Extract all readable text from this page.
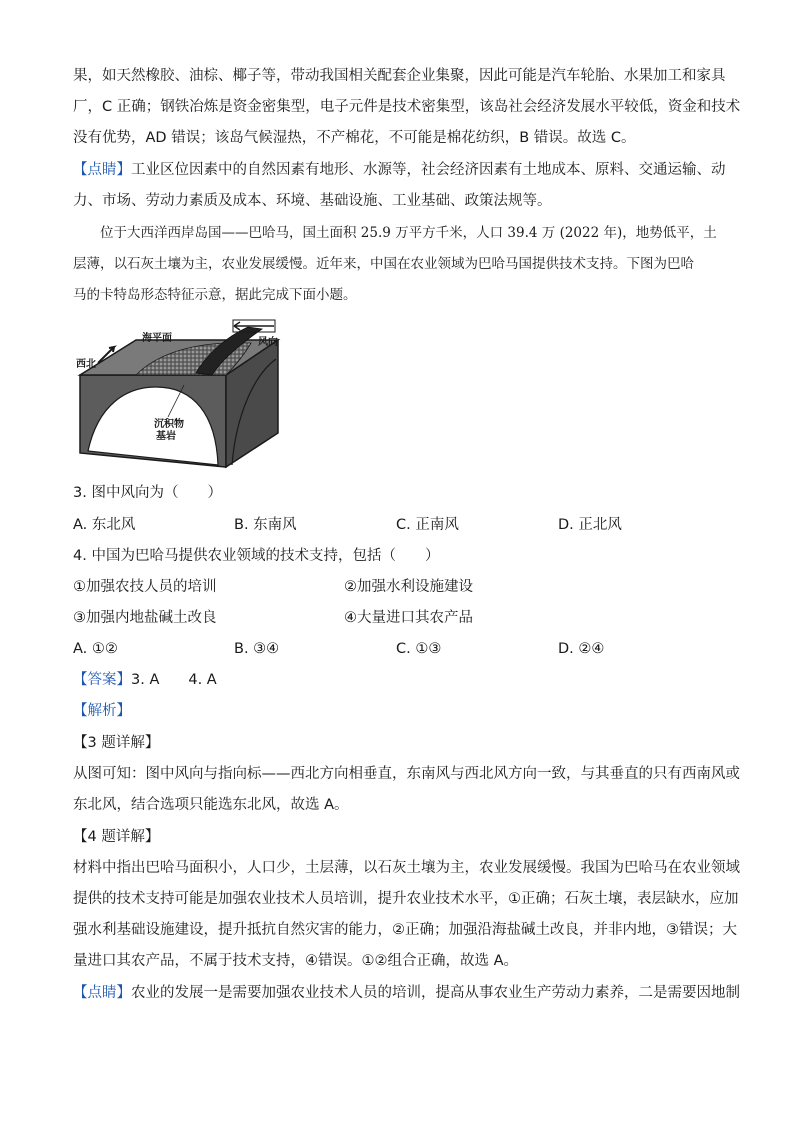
果，如天然橡胶、油棕、椰子等，带动我国相关配套企业集聚，因此可能是汽车轮胎、水果加工和家具
厂，C 正确；钢铁冶炼是资金密集型，电子元件是技术密集型，该岛社会经济发展水平较低，资金和技术
没有优势，AD 错误；该岛气候湿热，不产棉花，不可能是棉花纺织，B 错误。故选 C。
【点睛】工业区位因素中的自然因素有地形、水源等，社会经济因素有土地成本、原料、交通运输、动
力、市场、劳动力素质及成本、环境、基础设施、工业基础、政策法规等。
位于大西洋西岸岛国——巴哈马，国土面积 25.9 万平方千米，人口 39.4 万 (2022 年)，地势低平，土
层薄，以石灰土壤为主，农业发展缓慢。近年来，中国在农业领域为巴哈马国提供技术支持。下图为巴哈
马的卡特岛形态特征示意，据此完成下面小题。
海平面	风向
西北
沉积物
基岩
3. 图中风向为（　　）
A. 东北风	B. 东南风	C. 正南风	D. 正北风
4. 中国为巴哈马提供农业领域的技术支持，包括（　　）
①加强农技人员的培训	②加强水利设施建设
③加强内地盐碱土改良	④大量进口其农产品
A. ①②	B. ③④	C. ①③	D. ②④
【答案】3. A　　4. A
【解析】
【3 题详解】
从图可知：图中风向与指向标——西北方向相垂直，东南风与西北风方向一致，与其垂直的只有西南风或
东北风，结合选项只能选东北风，故选 A。
【4 题详解】
材料中指出巴哈马面积小，人口少，土层薄，以石灰土壤为主，农业发展缓慢。我国为巴哈马在农业领域
提供的技术支持可能是加强农业技术人员培训，提升农业技术水平，①正确；石灰土壤，表层缺水，应加
强水利基础设施建设，提升抵抗自然灾害的能力，②正确；加强沿海盐碱土改良，并非内地，③错误；大
量进口其农产品，不属于技术支持，④错误。①②组合正确，故选 A。
【点睛】农业的发展一是需要加强农业技术人员的培训，提高从事农业生产劳动力素养，二是需要因地制
